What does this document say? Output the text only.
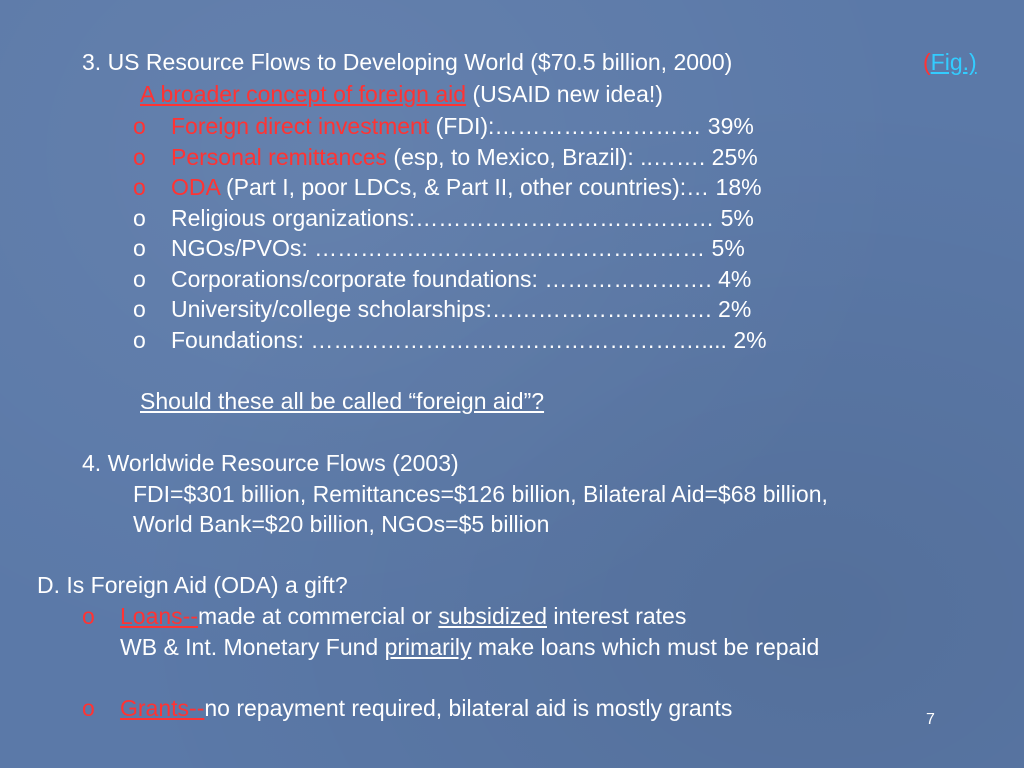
3. US Resource Flows to Developing World ($70.5 billion, 2000)	(Fig.)
A broader concept of foreign aid (USAID new idea!)
o Foreign direct investment (FDI):……………………… 39%
o Personal remittances (esp, to Mexico, Brazil): ..……. 25%
o ODA (Part I, poor LDCs, & Part II, other countries):… 18%
o Religious organizations:………………………………… 5%
o NGOs/PVOs: …………………………………………… 5%
o Corporations/corporate foundations: …………………. 4%
o University/college scholarships:………………….……. 2%
o Foundations: …………………………………………….... 2%
Should these all be called “foreign aid”?
4. Worldwide Resource Flows (2003)
FDI=$301 billion, Remittances=$126 billion, Bilateral Aid=$68 billion,
World Bank=$20 billion, NGOs=$5 billion
D. Is Foreign Aid (ODA) a gift?
o Loans--made at commercial or subsidized interest rates
WB & Int. Monetary Fund primarily make loans which must be repaid
o Grants--no repayment required, bilateral aid is mostly grants	7
